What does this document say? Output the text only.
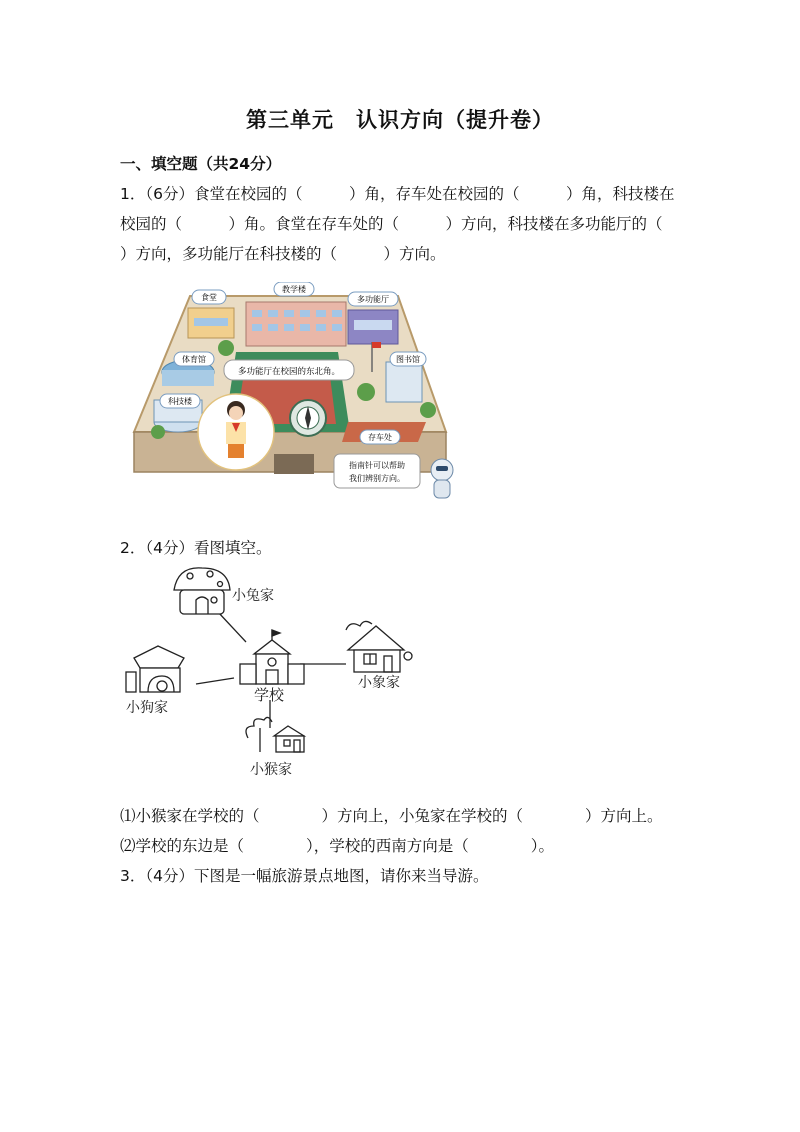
第三单元　认识方向（提升卷）
一、填空题（共24分）
1．（6分）食堂在校园的（　　　）角，存车处在校园的（　　　）角，科技楼在
校园的（　　　）角。食堂在存车处的（　　　）方向，科技楼在多功能厅的（
）方向，多功能厅在科技楼的（　　　）方向。
多功能厅在校园的东北角。
食堂
教学楼
多功能厅
体育馆	图书馆
科技楼
存车处
指南针可以帮助
我们辨别方向。
2．（4分）看图填空。
小兔家
学校
小象家
小狗家
小猴家
⑴小猴家在学校的（　　　　）方向上，小兔家在学校的（　　　　）方向上。
⑵学校的东边是（　　　　），学校的西南方向是（　　　　）。
3．（4分）下图是一幅旅游景点地图，请你来当导游。
